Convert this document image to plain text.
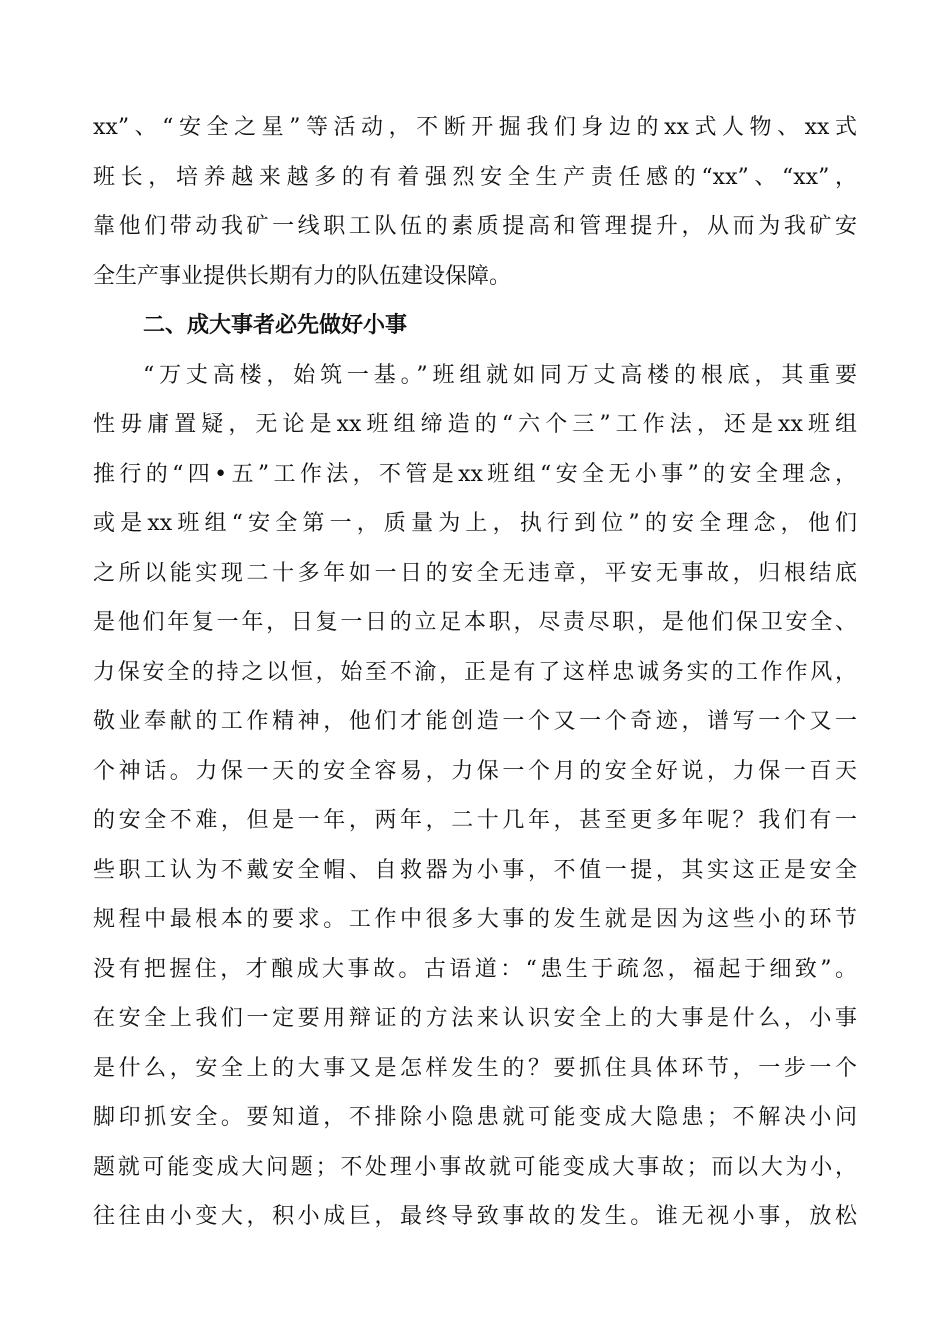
xx”、“安全之星”等活动，不断开掘我们身边的xx式人物、xx式
班长，培养越来越多的有着强烈安全生产责任感的“xx”、“xx”，
靠他们带动我矿一线职工队伍的素质提高和管理提升，从而为我矿安
全生产事业提供长期有力的队伍建设保障。
二、成大事者必先做好小事
“万丈高楼，始筑一基。”班组就如同万丈高楼的根底，其重要
性毋庸置疑，无论是xx班组缔造的“六个三”工作法，还是xx班组
推行的“四•五”工作法，不管是xx班组“安全无小事”的安全理念，
或是xx班组“安全第一，质量为上，执行到位”的安全理念，他们
之所以能实现二十多年如一日的安全无违章，平安无事故，归根结底
是他们年复一年，日复一日的立足本职，尽责尽职，是他们保卫安全、
力保安全的持之以恒，始至不渝，正是有了这样忠诚务实的工作作风，
敬业奉献的工作精神，他们才能创造一个又一个奇迹，谱写一个又一
个神话。力保一天的安全容易，力保一个月的安全好说，力保一百天
的安全不难，但是一年，两年，二十几年，甚至更多年呢？我们有一
些职工认为不戴安全帽、自救器为小事，不值一提，其实这正是安全
规程中最根本的要求。工作中很多大事的发生就是因为这些小的环节
没有把握住，才酿成大事故。古语道：“患生于疏忽，福起于细致”。
在安全上我们一定要用辩证的方法来认识安全上的大事是什么，小事
是什么，安全上的大事又是怎样发生的？要抓住具体环节，一步一个
脚印抓安全。要知道，不排除小隐患就可能变成大隐患；不解决小问
题就可能变成大问题；不处理小事故就可能变成大事故；而以大为小，
往往由小变大，积小成巨，最终导致事故的发生。谁无视小事，放松
